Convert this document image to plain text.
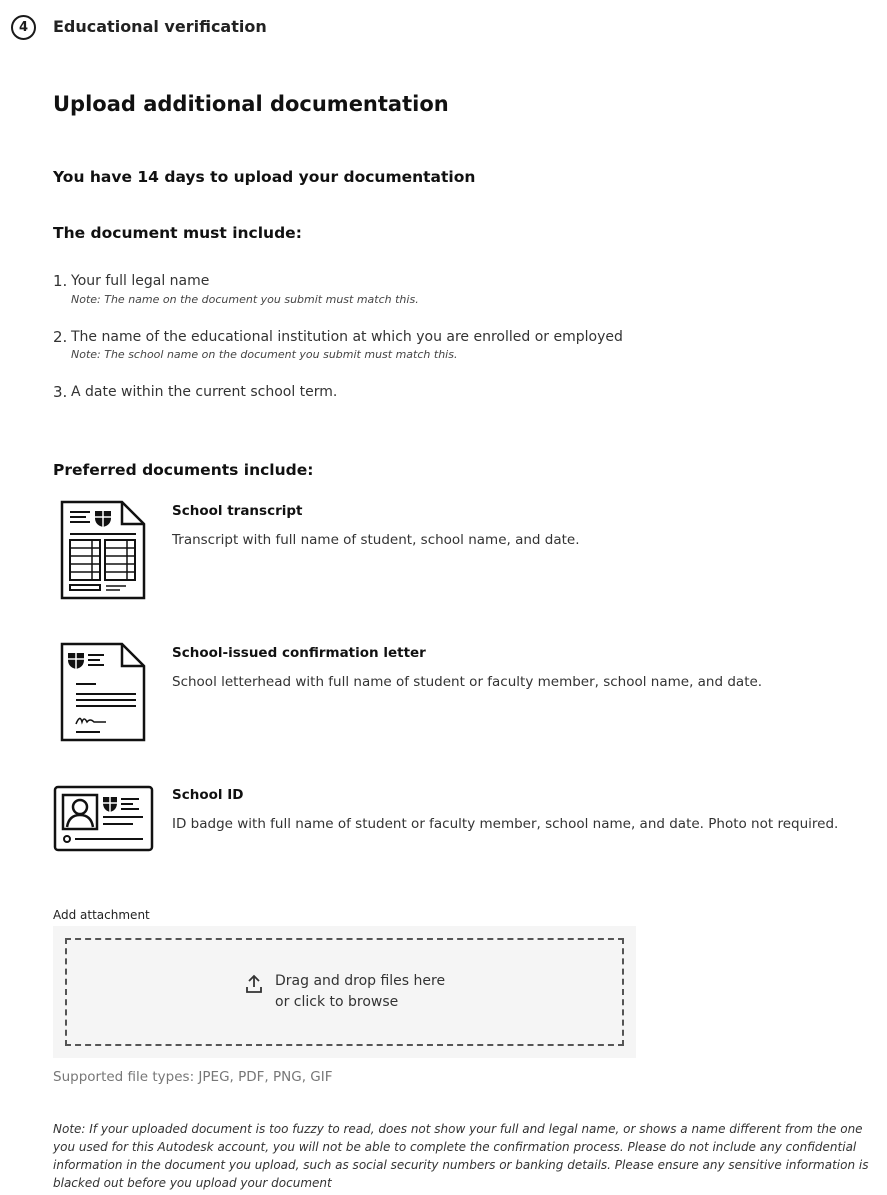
4 Educational verification
Upload additional documentation
You have 14 days to upload your documentation
The document must include:
1. Your full legal name
Note: The name on the document you submit must match this.
2. The name of the educational institution at which you are enrolled or employed
Note: The school name on the document you submit must match this.
3. A date within the current school term.
Preferred documents include:
School transcript
Transcript with full name of student, school name, and date.
School-issued confirmation letter
School letterhead with full name of student or faculty member, school name, and date.
School ID
ID badge with full name of student or faculty member, school name, and date. Photo not required.
Add attachment
Drag and drop files here
or click to browse
Supported file types: JPEG, PDF, PNG, GIF
Note: If your uploaded document is too fuzzy to read, does not show your full and legal name, or shows a name different from the one you used for this Autodesk account, you will not be able to complete the confirmation process. Please do not include any confidential information in the document you upload, such as social security numbers or banking details. Please ensure any sensitive information is blacked out before you upload your document
